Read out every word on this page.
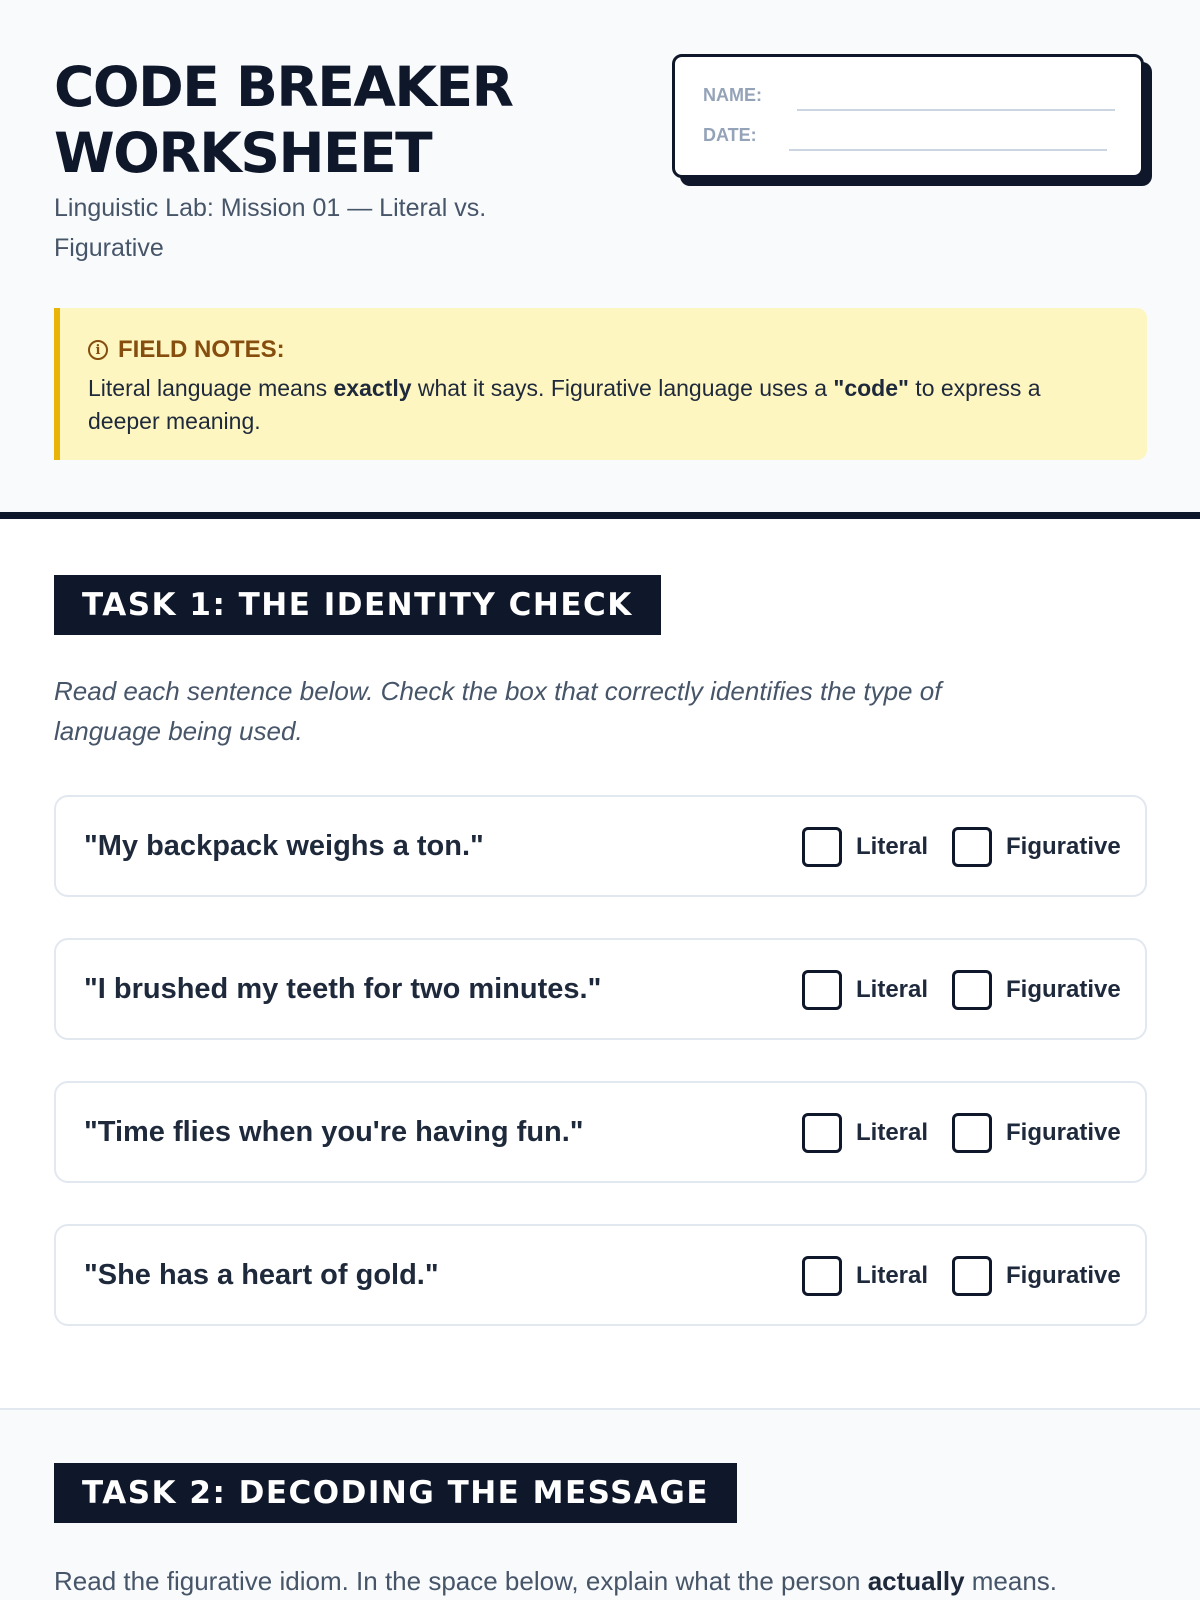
CODE BREAKER WORKSHEET
Linguistic Lab: Mission 01 — Literal vs. Figurative
NAME:
DATE:
i FIELD NOTES:
Literal language means exactly what it says. Figurative language uses a "code" to express a deeper meaning.
TASK 1: THE IDENTITY CHECK
Read each sentence below. Check the box that correctly identifies the type of language being used.
"My backpack weighs a ton."	Literal	Figurative
"I brushed my teeth for two minutes."	Literal	Figurative
"Time flies when you're having fun."	Literal	Figurative
"She has a heart of gold."	Literal	Figurative
TASK 2: DECODING THE MESSAGE
Read the figurative idiom. In the space below, explain what the person actually means.
